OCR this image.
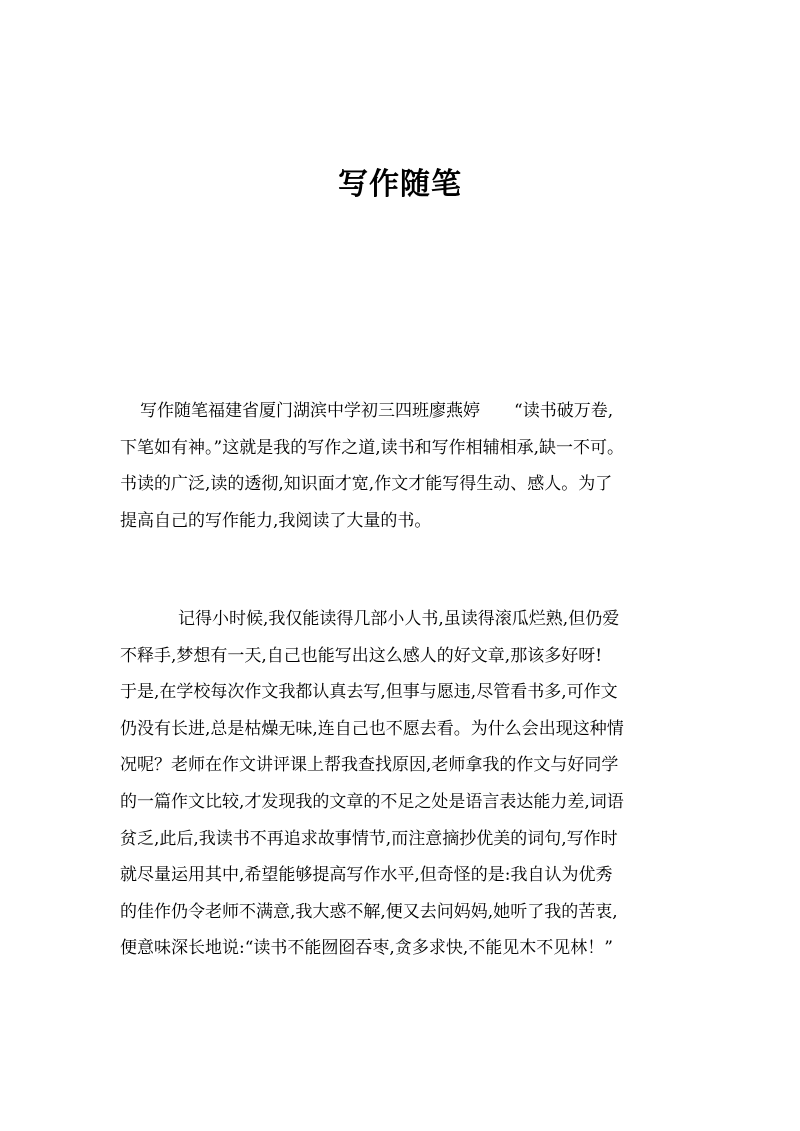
写作随笔
写作随笔福建省厦门湖滨中学初三四班廖燕婷　　“读书破万卷,
下笔如有神。”这就是我的写作之道,读书和写作相辅相承,缺一不可。
书读的广泛,读的透彻,知识面才宽,作文才能写得生动、感人。为了
提高自己的写作能力,我阅读了大量的书。
记得小时候,我仅能读得几部小人书,虽读得滚瓜烂熟,但仍爱
不释手,梦想有一天,自己也能写出这么感人的好文章,那该多好呀!
于是,在学校每次作文我都认真去写,但事与愿违,尽管看书多,可作文
仍没有长进,总是枯燥无味,连自己也不愿去看。为什么会出现这种情
况呢？老师在作文讲评课上帮我查找原因,老师拿我的作文与好同学
的一篇作文比较,才发现我的文章的不足之处是语言表达能力差,词语
贫乏,此后,我读书不再追求故事情节,而注意摘抄优美的词句,写作时
就尽量运用其中,希望能够提高写作水平,但奇怪的是:我自认为优秀
的佳作仍令老师不满意,我大惑不解,便又去问妈妈,她听了我的苦衷,
便意味深长地说:“读书不能囫囵吞枣,贪多求快,不能见木不见林！”
